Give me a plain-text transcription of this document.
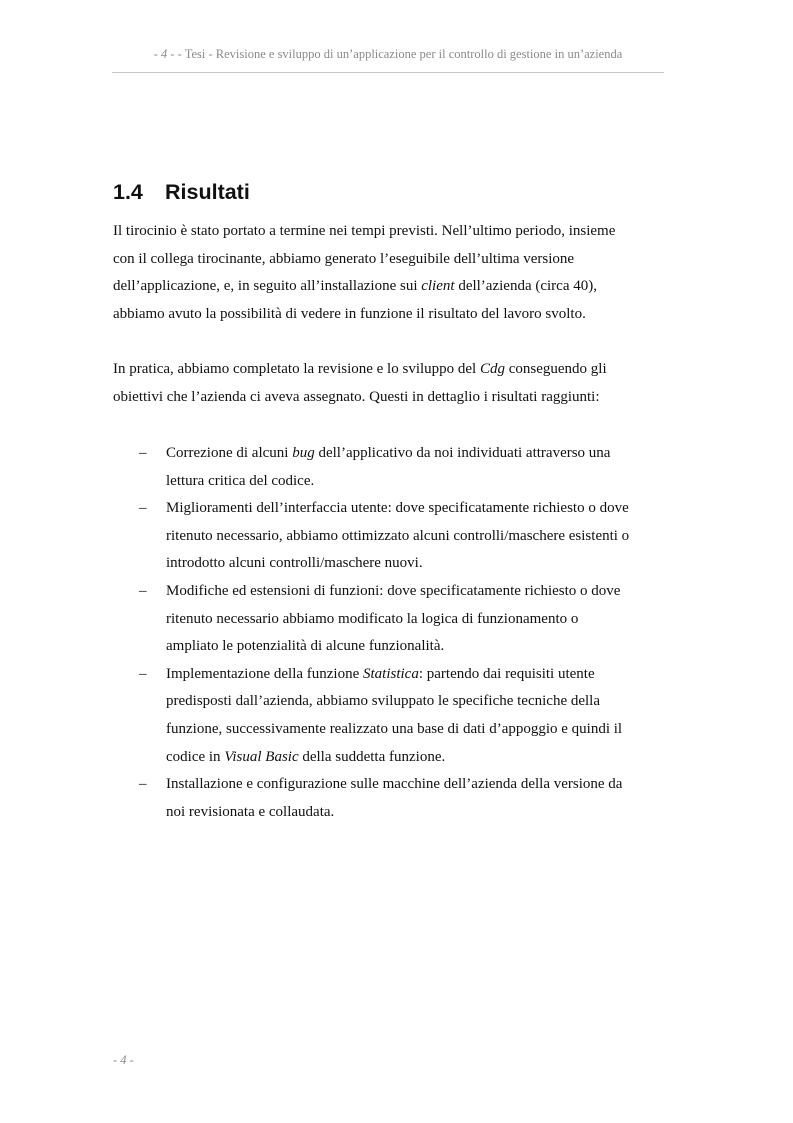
- 4 - - Tesi - Revisione e sviluppo di un’applicazione per il controllo di gestione in un’azienda
1.4 Risultati

Il tirocinio è stato portato a termine nei tempi previsti. Nell’ultimo periodo, insieme
con il collega tirocinante, abbiamo generato l’eseguibile dell’ultima versione
dell’applicazione, e, in seguito all’installazione sui client dell’azienda (circa 40),
abbiamo avuto la possibilità di vedere in funzione il risultato del lavoro svolto.

In pratica, abbiamo completato la revisione e lo sviluppo del Cdg conseguendo gli
obiettivi che l’azienda ci aveva assegnato. Questi in dettaglio i risultati raggiunti:

– Correzione di alcuni bug dell’applicativo da noi individuati attraverso una
lettura critica del codice.
– Miglioramenti dell’interfaccia utente: dove specificatamente richiesto o dove
ritenuto necessario, abbiamo ottimizzato alcuni controlli/maschere esistenti o
introdotto alcuni controlli/maschere nuovi.
– Modifiche ed estensioni di funzioni: dove specificatamente richiesto o dove
ritenuto necessario abbiamo modificato la logica di funzionamento o
ampliato le potenzialità di alcune funzionalità.
– Implementazione della funzione Statistica: partendo dai requisiti utente
predisposti dall’azienda, abbiamo sviluppato le specifiche tecniche della
funzione, successivamente realizzato una base di dati d’appoggio e quindi il
codice in Visual Basic della suddetta funzione.
– Installazione e configurazione sulle macchine dell’azienda della versione da
noi revisionata e collaudata.
- 4 -
